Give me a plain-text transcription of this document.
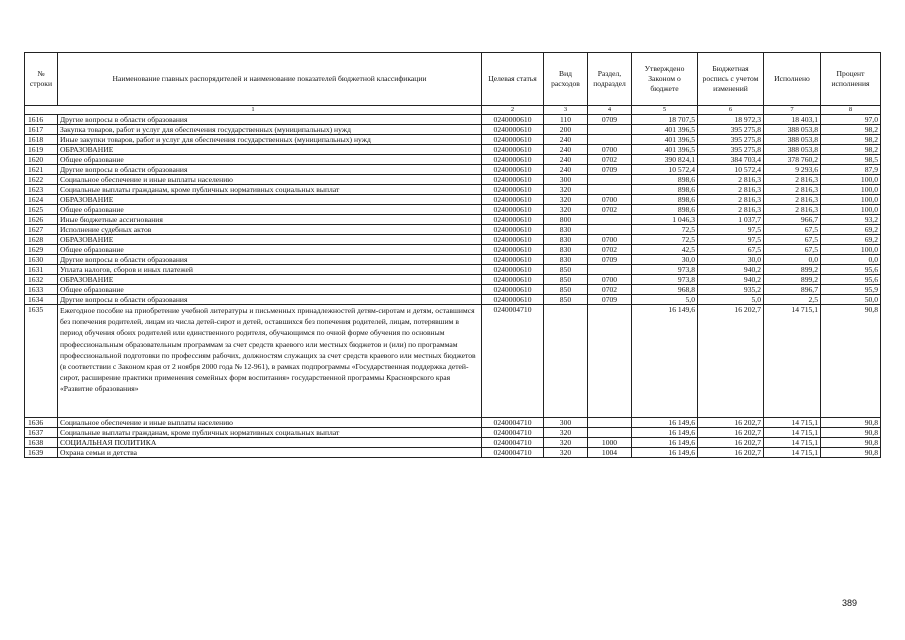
№ строки	Наименование главных распорядителей и наименование показателей бюджетной классификации	Целевая статья	Вид расходов	Раздел, подраздел	Утверждено Законом о бюджете	Бюджетная роспись с учетом изменений	Исполнено	Процент исполнения
1		2	3	4	5	6	7	8
1616	Другие вопросы в области образования	0240000610	110	0709	18 707,5	18 972,3	18 403,1	97,0
1617	Закупка товаров, работ и услуг для обеспечения государственных (муниципальных) нужд	0240000610	200		401 396,5	395 275,8	388 053,8	98,2
1618	Иные закупки товаров, работ и услуг для обеспечения государственных (муниципальных) нужд	0240000610	240		401 396,5	395 275,8	388 053,8	98,2
1619	ОБРАЗОВАНИЕ	0240000610	240	0700	401 396,5	395 275,8	388 053,8	98,2
1620	Общее образование	0240000610	240	0702	390 824,1	384 703,4	378 760,2	98,5
1621	Другие вопросы в области образования	0240000610	240	0709	10 572,4	10 572,4	9 293,6	87,9
1622	Социальное обеспечение и иные выплаты населению	0240000610	300		898,6	2 816,3	2 816,3	100,0
1623	Социальные выплаты гражданам, кроме публичных нормативных социальных выплат	0240000610	320		898,6	2 816,3	2 816,3	100,0
1624	ОБРАЗОВАНИЕ	0240000610	320	0700	898,6	2 816,3	2 816,3	100,0
1625	Общее образование	0240000610	320	0702	898,6	2 816,3	2 816,3	100,0
1626	Иные бюджетные ассигнования	0240000610	800		1 046,3	1 037,7	966,7	93,2
1627	Исполнение судебных актов	0240000610	830		72,5	97,5	67,5	69,2
1628	ОБРАЗОВАНИЕ	0240000610	830	0700	72,5	97,5	67,5	69,2
1629	Общее образование	0240000610	830	0702	42,5	67,5	67,5	100,0
1630	Другие вопросы в области образования	0240000610	830	0709	30,0	30,0	0,0	0,0
1631	Уплата налогов, сборов и иных платежей	0240000610	850		973,8	940,2	899,2	95,6
1632	ОБРАЗОВАНИЕ	0240000610	850	0700	973,8	940,2	899,2	95,6
1633	Общее образование	0240000610	850	0702	968,8	935,2	896,7	95,9
1634	Другие вопросы в области образования	0240000610	850	0709	5,0	5,0	2,5	50,0
1635	Ежегодное пособие на приобретение учебной литературы и письменных принадлежностей детям-сиротам и детям, оставшимся без попечения родителей, лицам из числа детей-сирот и детей, оставшихся без попечения родителей, лицам, потерявшим в период обучения обоих родителей или единственного родителя, обучающимся по очной форме обучения по основным профессиональным образовательным программам за счет средств краевого или местных бюджетов и (или) по программам профессиональной подготовки по профессиям рабочих, должностям служащих за счет средств краевого или местных бюджетов (в соответствии с Законом края от 2 ноября 2000 года № 12-961), в рамках подпрограммы «Государственная поддержка детей-сирот, расширение практики применения семейных форм воспитания» государственной программы Красноярского края «Развитие образования»	0240004710			16 149,6	16 202,7	14 715,1	90,8
1636	Социальное обеспечение и иные выплаты населению	0240004710	300		16 149,6	16 202,7	14 715,1	90,8
1637	Социальные выплаты гражданам, кроме публичных нормативных социальных выплат	0240004710	320		16 149,6	16 202,7	14 715,1	90,8
1638	СОЦИАЛЬНАЯ ПОЛИТИКА	0240004710	320	1000	16 149,6	16 202,7	14 715,1	90,8
1639	Охрана семьи и детства	0240004710	320	1004	16 149,6	16 202,7	14 715,1	90,8
389
